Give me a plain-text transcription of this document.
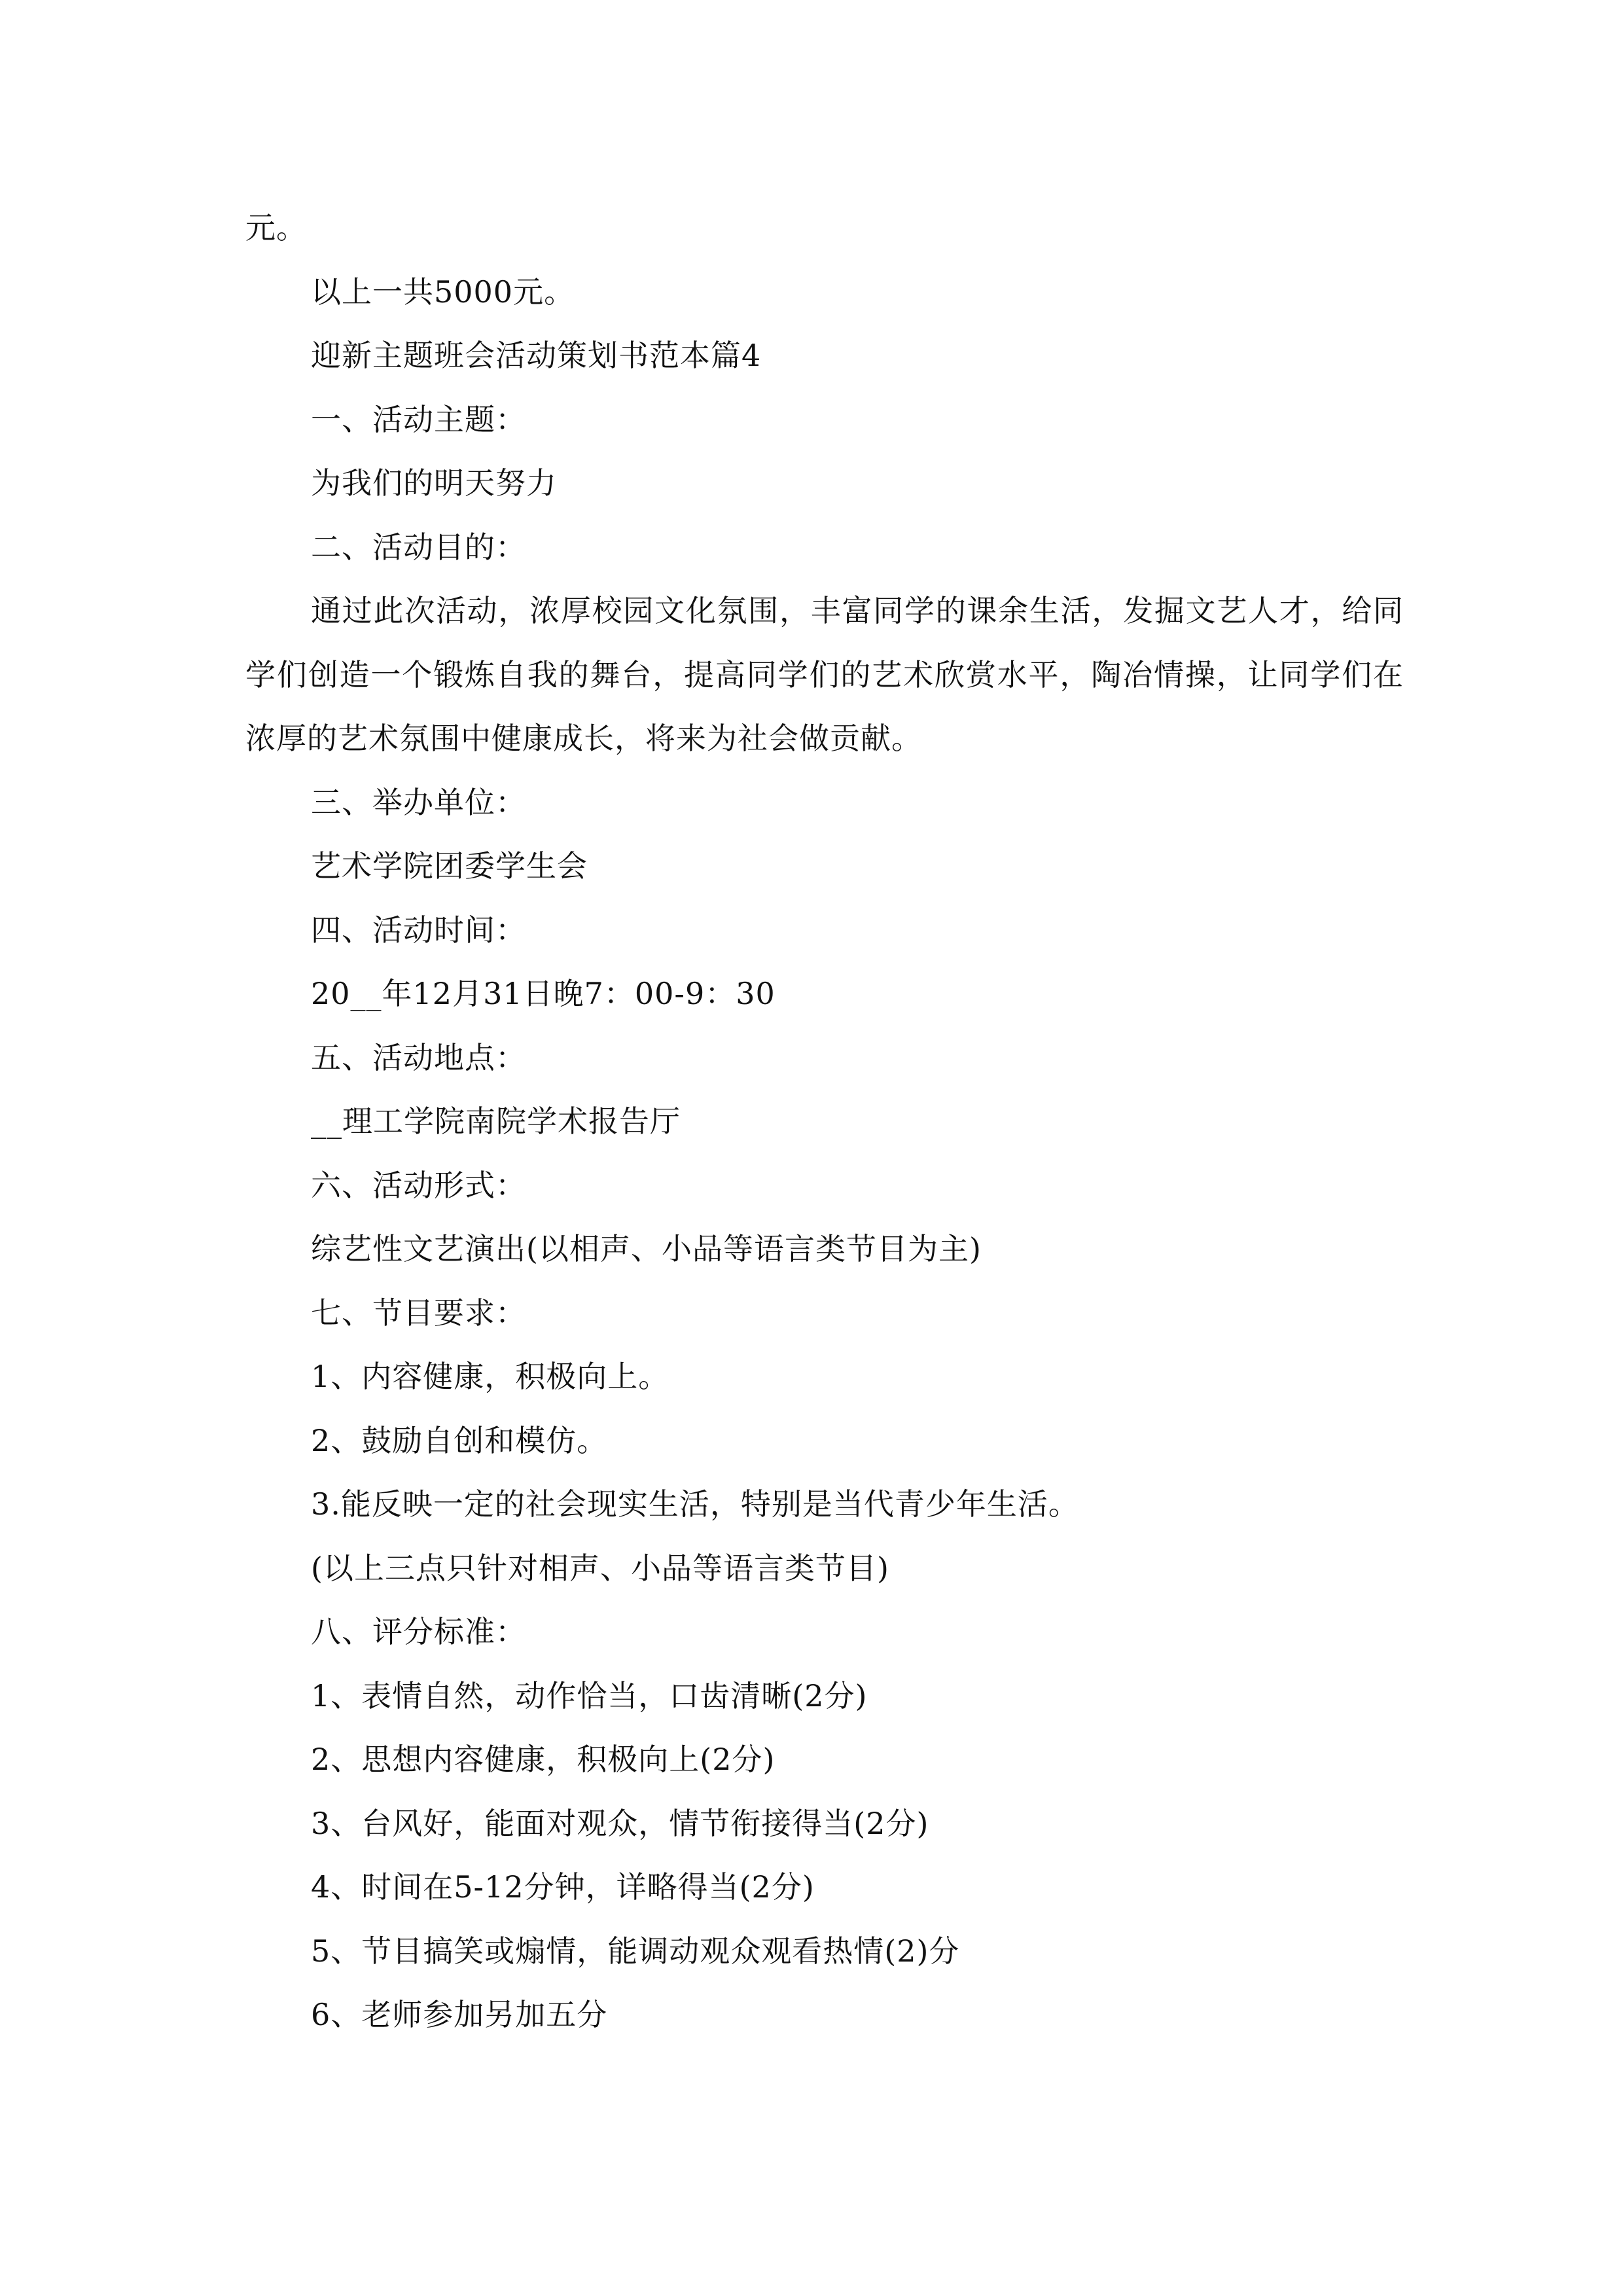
元。
以上一共5000元。
迎新主题班会活动策划书范本篇4
一、活动主题：
为我们的明天努力
二、活动目的：
通过此次活动，浓厚校园文化氛围，丰富同学的课余生活，发掘文艺人才，给同学们创造一个锻炼自我的舞台，提高同学们的艺术欣赏水平，陶冶情操，让同学们在浓厚的艺术氛围中健康成长，将来为社会做贡献。
三、举办单位：
艺术学院团委学生会
四、活动时间：
20__年12月31日晚7：00-9：30
五、活动地点：
__理工学院南院学术报告厅
六、活动形式：
综艺性文艺演出(以相声、小品等语言类节目为主)
七、节目要求：
1、内容健康，积极向上。
2、鼓励自创和模仿。
3.能反映一定的社会现实生活，特别是当代青少年生活。
(以上三点只针对相声、小品等语言类节目)
八、评分标准：
1、表情自然，动作恰当，口齿清晰(2分)
2、思想内容健康，积极向上(2分)
3、台风好，能面对观众，情节衔接得当(2分)
4、时间在5-12分钟，详略得当(2分)
5、节目搞笑或煽情，能调动观众观看热情(2)分
6、老师参加另加五分
